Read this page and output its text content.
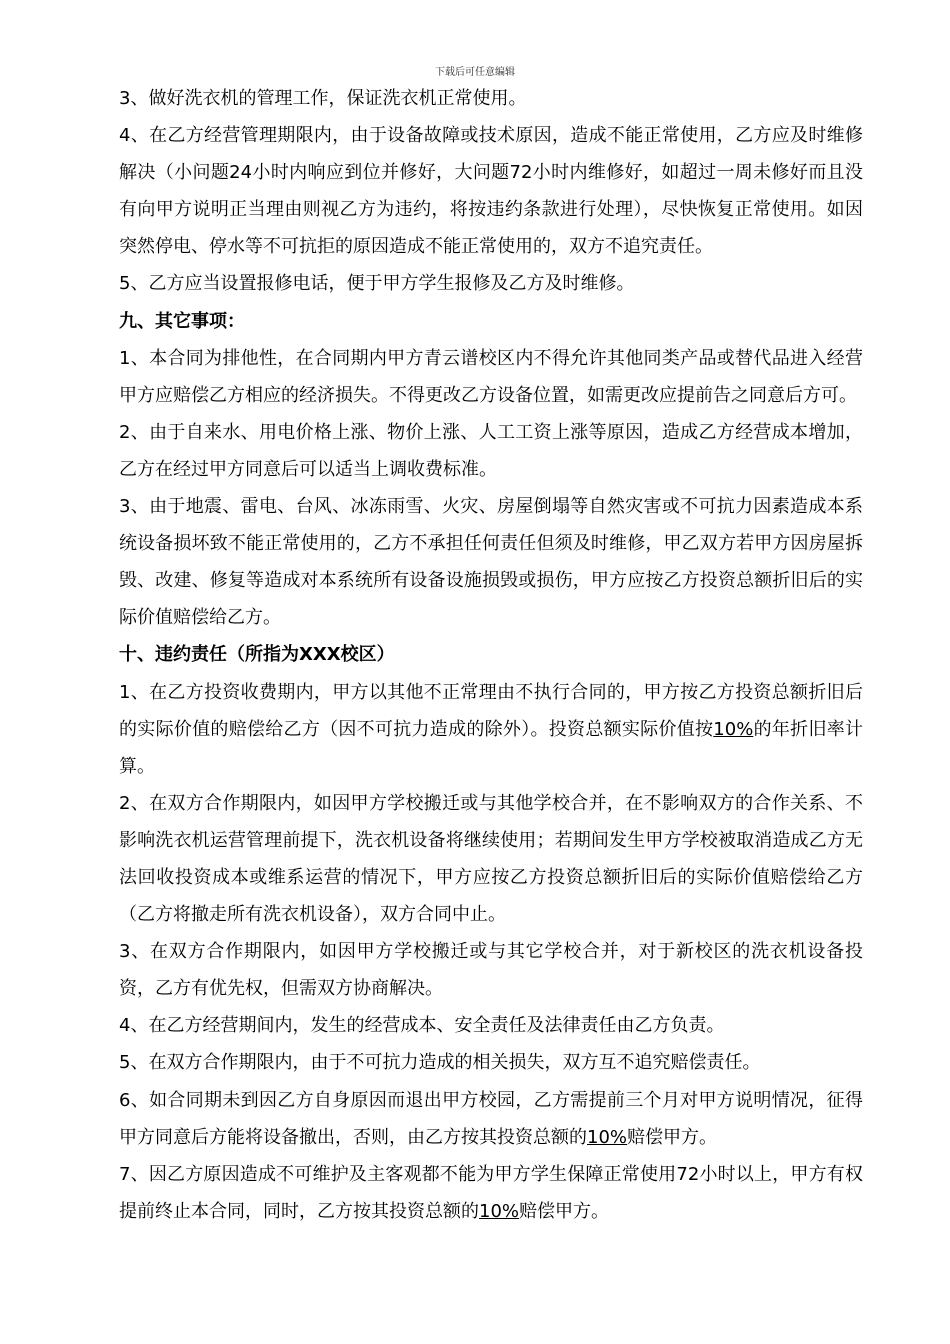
下载后可任意编辑

3、做好洗衣机的管理工作，保证洗衣机正常使用。

4、在乙方经营管理期限内，由于设备故障或技术原因，造成不能正常使用，乙方应及时维修解决（小问题24小时内响应到位并修好，大问题72小时内维修好，如超过一周未修好而且没有向甲方说明正当理由则视乙方为违约，将按违约条款进行处理），尽快恢复正常使用。如因突然停电、停水等不可抗拒的原因造成不能正常使用的，双方不追究责任。

5、乙方应当设置报修电话，便于甲方学生报修及乙方及时维修。

九、其它事项：

1、本合同为排他性，在合同期内甲方青云谱校区内不得允许其他同类产品或替代品进入经营甲方应赔偿乙方相应的经济损失。不得更改乙方设备位置，如需更改应提前告之同意后方可。

2、由于自来水、用电价格上涨、物价上涨、人工工资上涨等原因，造成乙方经营成本增加，乙方在经过甲方同意后可以适当上调收费标准。

3、由于地震、雷电、台风、冰冻雨雪、火灾、房屋倒塌等自然灾害或不可抗力因素造成本系统设备损坏致不能正常使用的，乙方不承担任何责任但须及时维修，甲乙双方若甲方因房屋拆毁、改建、修复等造成对本系统所有设备设施损毁或损伤，甲方应按乙方投资总额折旧后的实际价值赔偿给乙方。

十、违约责任（所指为XXX校区）

1、在乙方投资收费期内，甲方以其他不正常理由不执行合同的，甲方按乙方投资总额折旧后的实际价值的赔偿给乙方（因不可抗力造成的除外）。投资总额实际价值按10%的年折旧率计算。

2、在双方合作期限内，如因甲方学校搬迁或与其他学校合并，在不影响双方的合作关系、不影响洗衣机运营管理前提下，洗衣机设备将继续使用；若期间发生甲方学校被取消造成乙方无法回收投资成本或维系运营的情况下，甲方应按乙方投资总额折旧后的实际价值赔偿给乙方（乙方将撤走所有洗衣机设备），双方合同中止。

3、在双方合作期限内，如因甲方学校搬迁或与其它学校合并，对于新校区的洗衣机设备投资，乙方有优先权，但需双方协商解决。

4、在乙方经营期间内，发生的经营成本、安全责任及法律责任由乙方负责。

5、在双方合作期限内，由于不可抗力造成的相关损失，双方互不追究赔偿责任。

6、如合同期未到因乙方自身原因而退出甲方校园，乙方需提前三个月对甲方说明情况，征得甲方同意后方能将设备撤出，否则，由乙方按其投资总额的10%赔偿甲方。

7、因乙方原因造成不可维护及主客观都不能为甲方学生保障正常使用72小时以上，甲方有权提前终止本合同，同时，乙方按其投资总额的10%赔偿甲方。
